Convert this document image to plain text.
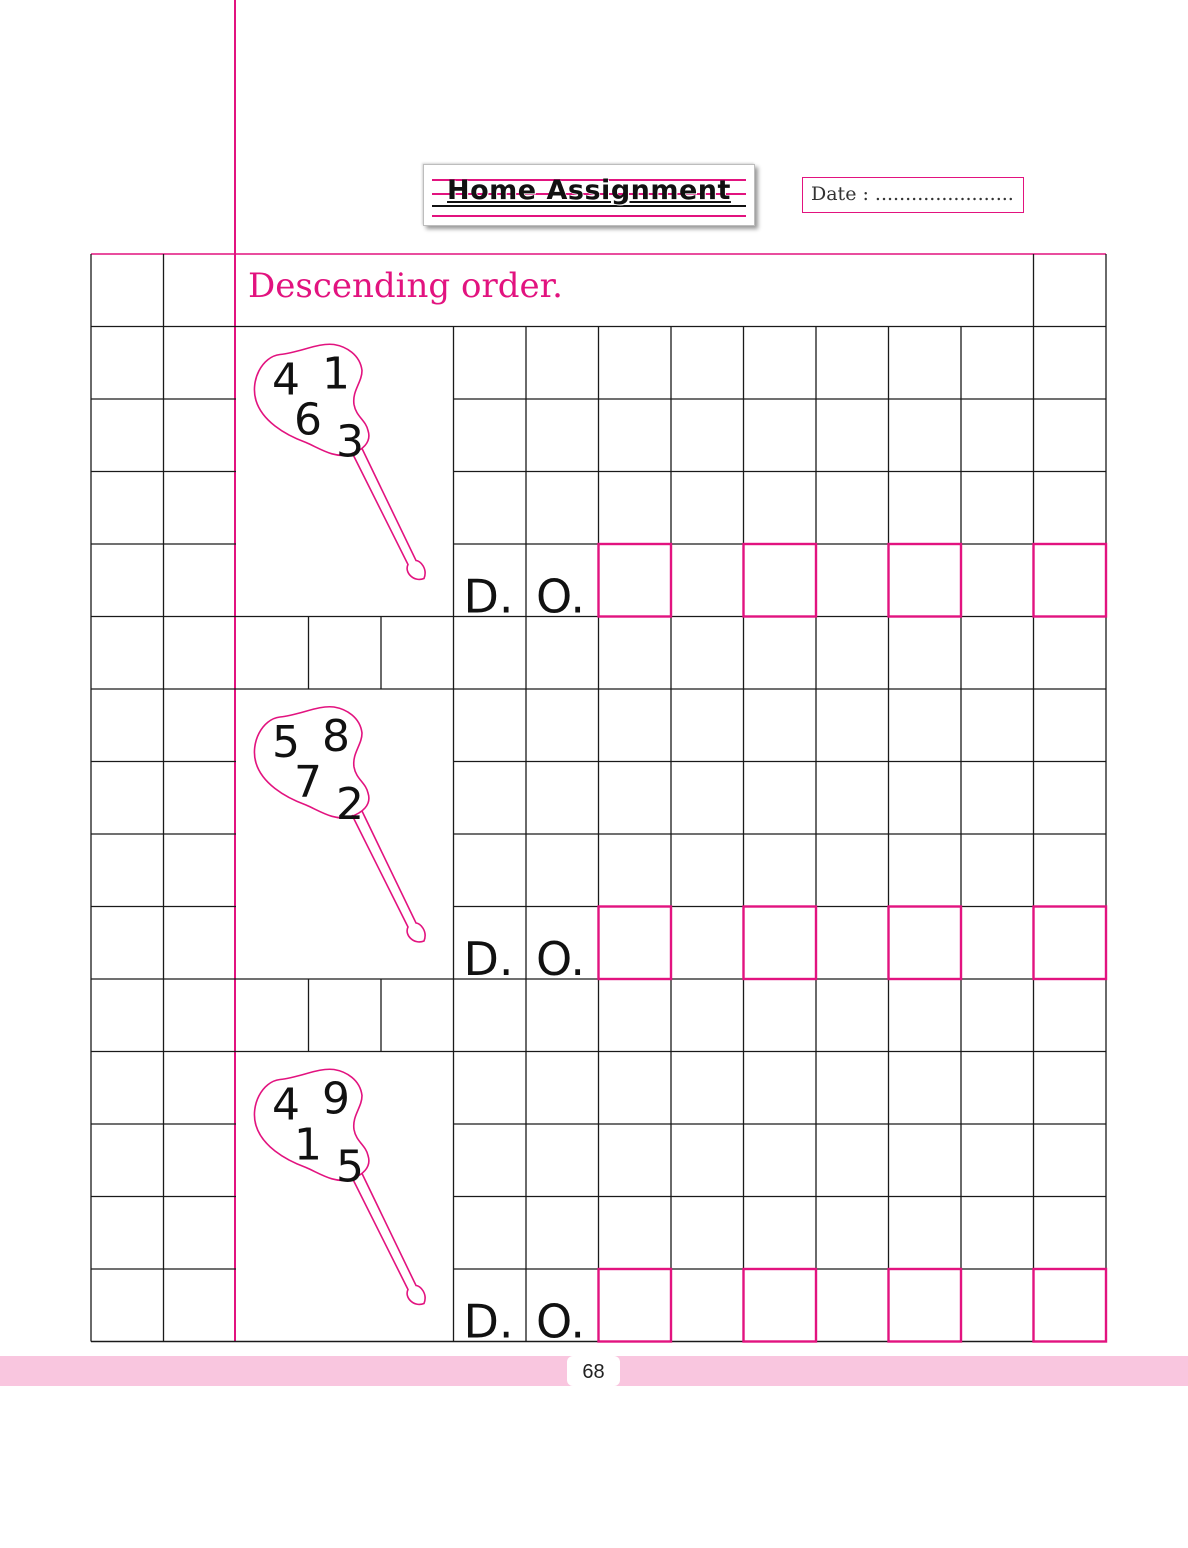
Home Assignment	Date : .......................
D. O.
4 1
6 3
D. O.
5 8
7 2
D. O.
4 9
1 5
Descending order.
68
